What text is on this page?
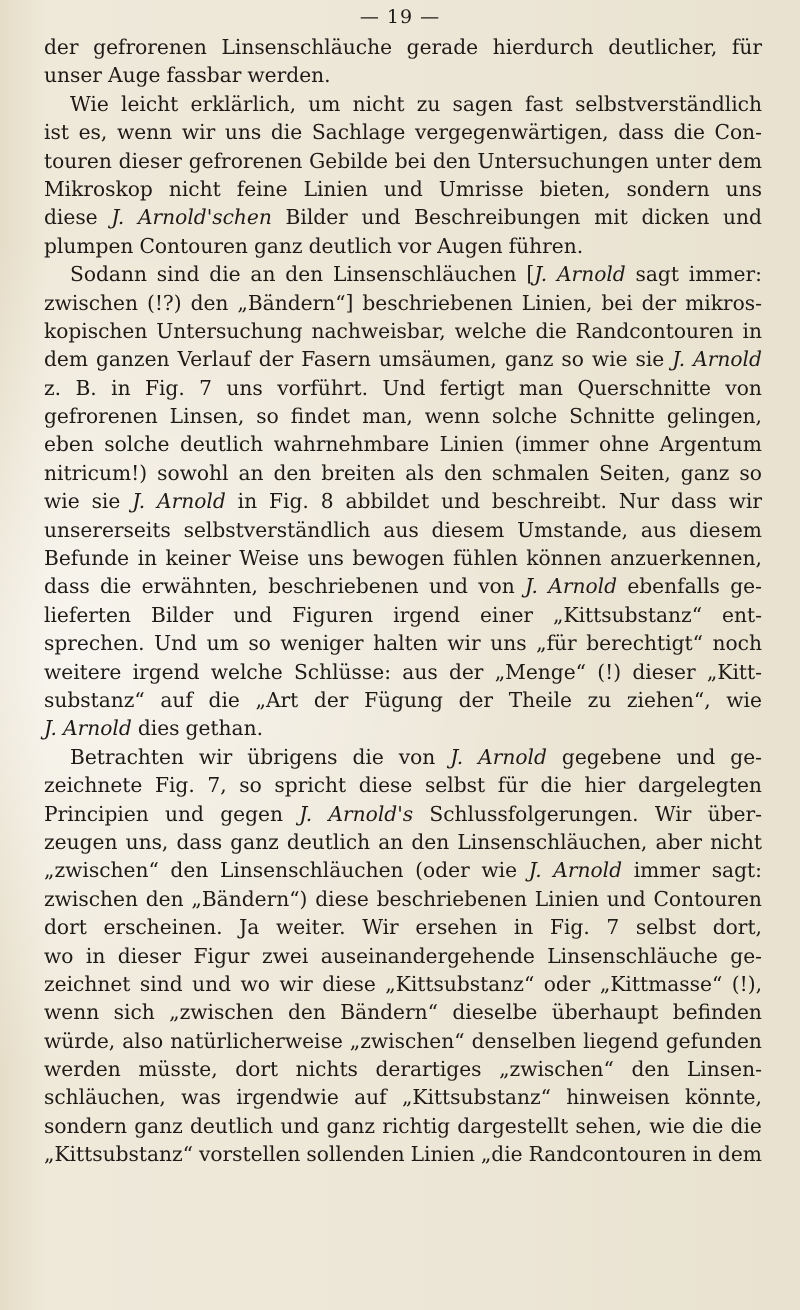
— 19 —
der gefrorenen Linsenschläuche gerade hierdurch deutlicher, für
unser Auge fassbar werden.
Wie leicht erklärlich, um nicht zu sagen fast selbstverständlich
ist es, wenn wir uns die Sachlage vergegenwärtigen, dass die Con-
touren dieser gefrorenen Gebilde bei den Untersuchungen unter dem
Mikroskop nicht feine Linien und Umrisse bieten, sondern uns
diese J. Arnold'schen Bilder und Beschreibungen mit dicken und
plumpen Contouren ganz deutlich vor Augen führen.
Sodann sind die an den Linsenschläuchen [J. Arnold sagt immer:
zwischen (!?) den „Bändern“] beschriebenen Linien, bei der mikros-
kopischen Untersuchung nachweisbar, welche die Randcontouren in
dem ganzen Verlauf der Fasern umsäumen, ganz so wie sie J. Arnold
z. B. in Fig. 7 uns vorführt. Und fertigt man Querschnitte von
gefrorenen Linsen, so findet man, wenn solche Schnitte gelingen,
eben solche deutlich wahrnehmbare Linien (immer ohne Argentum
nitricum!) sowohl an den breiten als den schmalen Seiten, ganz so
wie sie J. Arnold in Fig. 8 abbildet und beschreibt. Nur dass wir
unsererseits selbstverständlich aus diesem Umstande, aus diesem
Befunde in keiner Weise uns bewogen fühlen können anzuerkennen,
dass die erwähnten, beschriebenen und von J. Arnold ebenfalls ge-
lieferten Bilder und Figuren irgend einer „Kittsubstanz“ ent-
sprechen. Und um so weniger halten wir uns „für berechtigt“ noch
weitere irgend welche Schlüsse: aus der „Menge“ (!) dieser „Kitt-
substanz“ auf die „Art der Fügung der Theile zu ziehen“, wie
J. Arnold dies gethan.
Betrachten wir übrigens die von J. Arnold gegebene und ge-
zeichnete Fig. 7, so spricht diese selbst für die hier dargelegten
Principien und gegen J. Arnold's Schlussfolgerungen. Wir über-
zeugen uns, dass ganz deutlich an den Linsenschläuchen, aber nicht
„zwischen“ den Linsenschläuchen (oder wie J. Arnold immer sagt:
zwischen den „Bändern“) diese beschriebenen Linien und Contouren
dort erscheinen. Ja weiter. Wir ersehen in Fig. 7 selbst dort,
wo in dieser Figur zwei auseinandergehende Linsenschläuche ge-
zeichnet sind und wo wir diese „Kittsubstanz“ oder „Kittmasse“ (!),
wenn sich „zwischen den Bändern“ dieselbe überhaupt befinden
würde, also natürlicherweise „zwischen“ denselben liegend gefunden
werden müsste, dort nichts derartiges „zwischen“ den Linsen-
schläuchen, was irgendwie auf „Kittsubstanz“ hinweisen könnte,
sondern ganz deutlich und ganz richtig dargestellt sehen, wie die die
„Kittsubstanz“ vorstellen sollenden Linien „die Randcontouren in dem
